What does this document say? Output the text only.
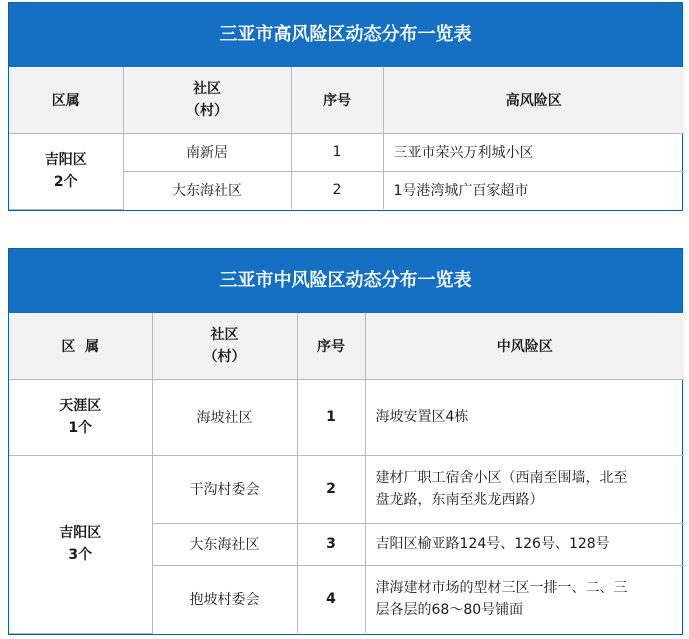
三亚市高风险区动态分布一览表
区属	社区
（村）	序号	高风险区

吉阳区
2个	南新居	1	三亚市荣兴万利城小区
	大东海社区	2	1号港湾城广百家超市
三亚市中风险区动态分布一览表
区  属	社区
（村）	序号	中风险区

天涯区
1个	海坡社区	1	海坡安置区4栋

吉阳区
3个	干沟村委会	2	建材厂职工宿舍小区（西南至围墙，北至
盘龙路，东南至兆龙西路）

	大东海社区	3	吉阳区榆亚路124号、126号、128号

	抱坡村委会	4	津海建材市场的型材三区一排一、二、三
层各层的68～80号铺面
